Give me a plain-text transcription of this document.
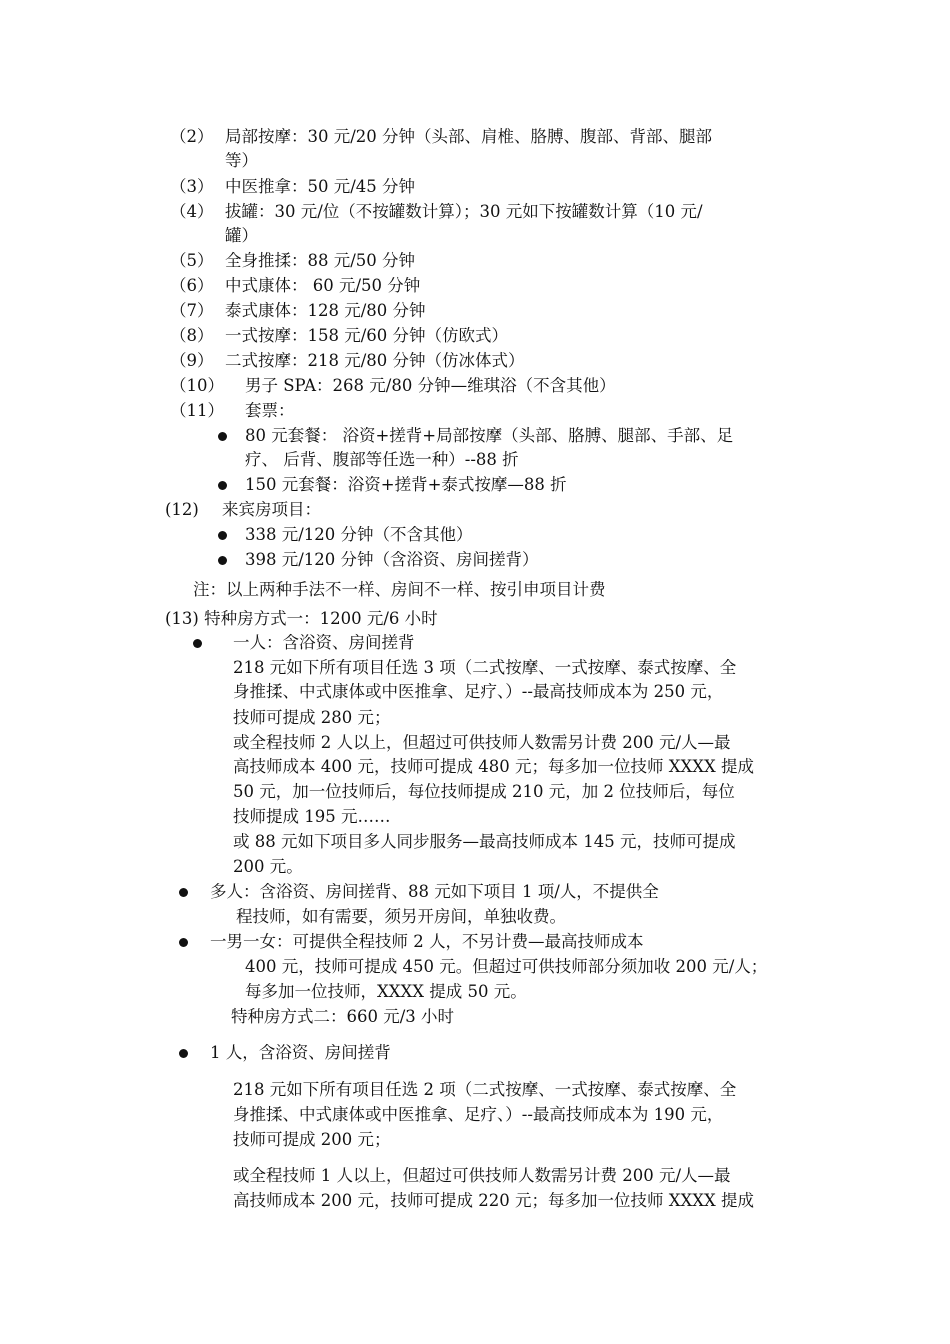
（2） 局部按摩：30 元/20 分钟（头部、肩椎、胳膊、腹部、背部、腿部
等）
（3） 中医推拿：50 元/45 分钟
（4） 拔罐：30 元/位（不按罐数计算）；30 元如下按罐数计算（10 元/
罐）
（5） 全身推揉：88 元/50 分钟
（6） 中式康体： 60 元/50 分钟
（7） 泰式康体：128 元/80 分钟
（8） 一式按摩：158 元/60 分钟（仿欧式）
（9） 二式按摩：218 元/80 分钟（仿冰体式）
（10） 男子 SPA：268 元/80 分钟—维琪浴（不含其他）
（11） 套票：
80 元套餐： 浴资+搓背+局部按摩（头部、胳膊、腿部、手部、足
疗、 后背、腹部等任选一种）--88 折
150 元套餐：浴资+搓背+泰式按摩—88 折
(12) 来宾房项目：
338 元/120 分钟（不含其他）
398 元/120 分钟（含浴资、房间搓背）
注：以上两种手法不一样、房间不一样、按引申项目计费
(13) 特种房方式一：1200 元/6 小时
一人：含浴资、房间搓背
218 元如下所有项目任选 3 项（二式按摩、一式按摩、泰式按摩、全
身推揉、中式康体或中医推拿、足疗、）--最高技师成本为 250 元，
技师可提成 280 元；
或全程技师 2 人以上，但超过可供技师人数需另计费 200 元/人—最
高技师成本 400 元，技师可提成 480 元；每多加一位技师 XXXX 提成
50 元，加一位技师后，每位技师提成 210 元，加 2 位技师后，每位
技师提成 195 元……
或 88 元如下项目多人同步服务—最高技师成本 145 元，技师可提成
200 元。
多人：含浴资、房间搓背、88 元如下项目 1 项/人，不提供全
程技师，如有需要，须另开房间，单独收费。
一男一女：可提供全程技师 2 人，不另计费—最高技师成本
400 元，技师可提成 450 元。但超过可供技师部分须加收 200 元/人；
每多加一位技师，XXXX 提成 50 元。
特种房方式二：660 元/3 小时
1 人，含浴资、房间搓背
218 元如下所有项目任选 2 项（二式按摩、一式按摩、泰式按摩、全
身推揉、中式康体或中医推拿、足疗、）--最高技师成本为 190 元，
技师可提成 200 元；
或全程技师 1 人以上，但超过可供技师人数需另计费 200 元/人—最
高技师成本 200 元，技师可提成 220 元；每多加一位技师 XXXX 提成
